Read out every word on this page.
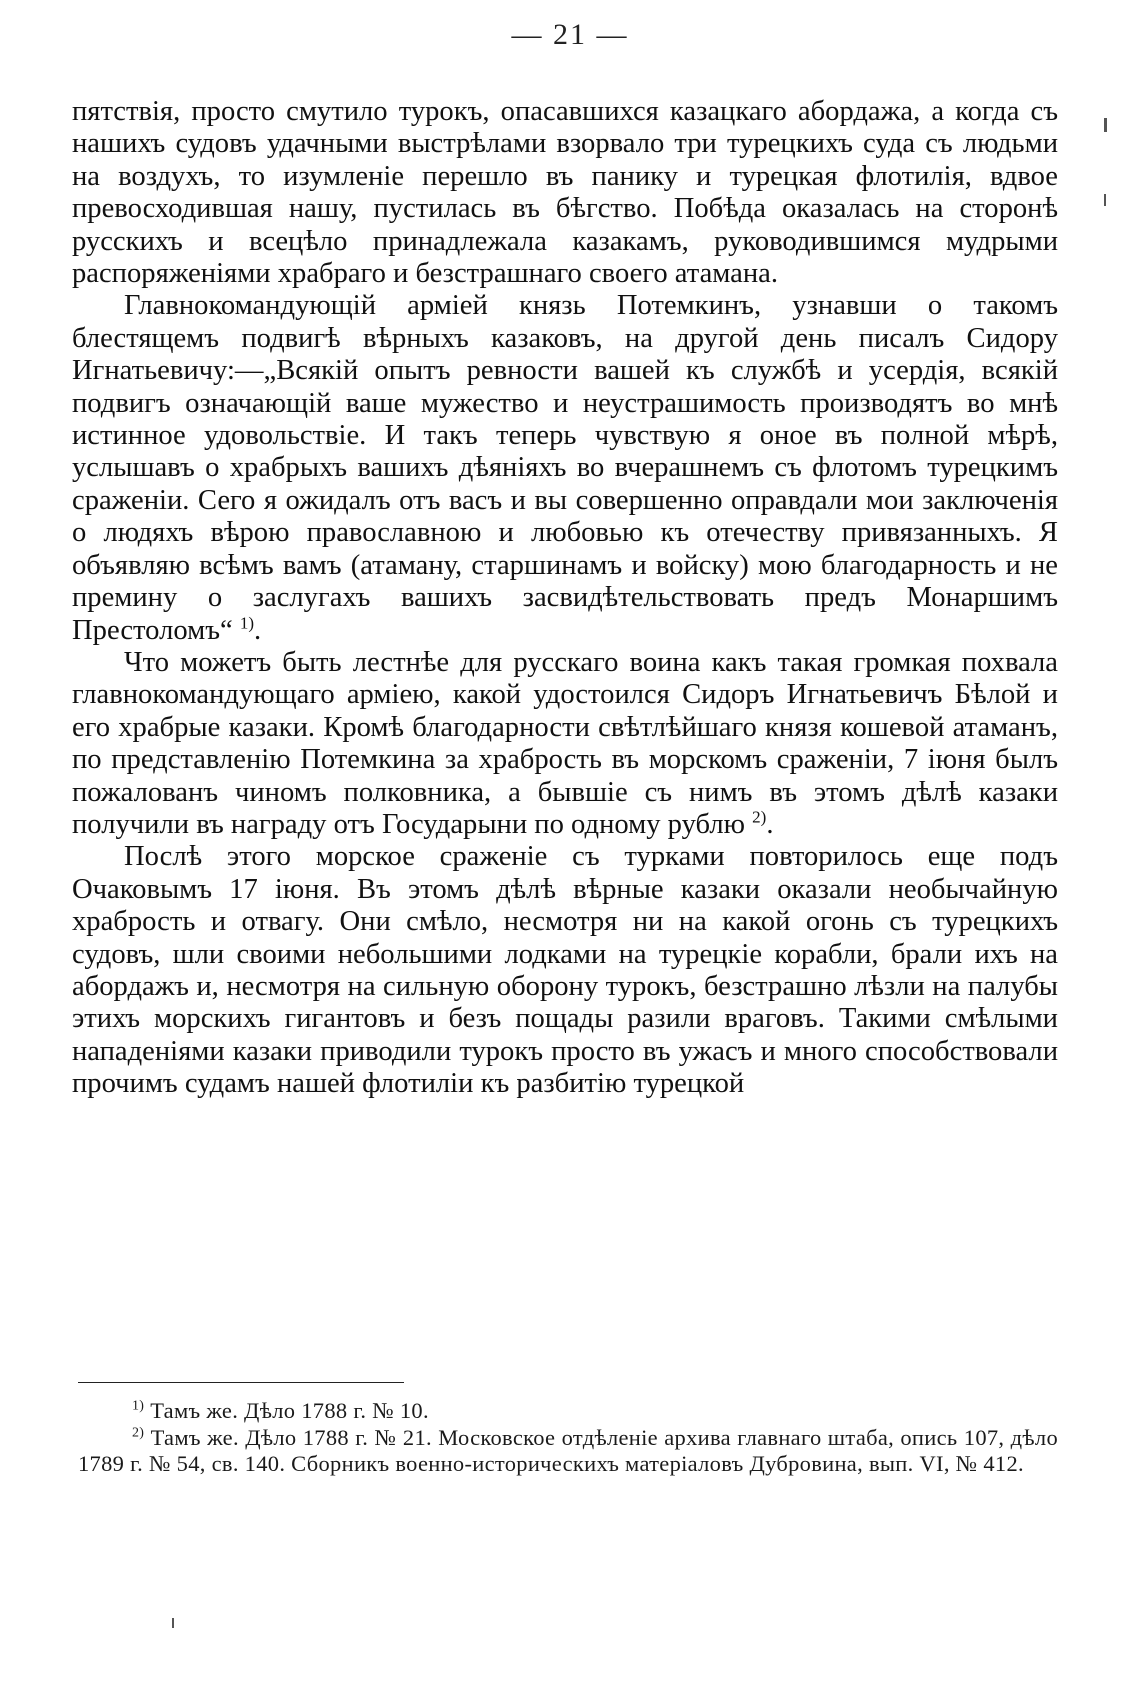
— 21 —

пятствія, просто смутило турокъ, опасавшихся казацкаго абордажа, а когда съ нашихъ судовъ удачными выстрѣлами взорвало три турецкихъ суда съ людьми на воздухъ, то изумленіе перешло въ панику и турецкая флотилія, вдвое превосходившая нашу, пустилась въ бѣгство. Побѣда оказалась на сторонѣ русскихъ и всецѣло принадлежала казакамъ, руководившимся мудрыми распоряженіями храбраго и безстрашнаго своего атамана.

Главнокомандующій арміей князь Потемкинъ, узнавши о такомъ блестящемъ подвигѣ вѣрныхъ казаковъ, на другой день писалъ Сидору Игнатьевичу:—„Всякій опытъ ревности вашей къ службѣ и усердія, всякій подвигъ означающій ваше мужество и неустрашимость производятъ во мнѣ истинное удовольствіе. И такъ теперь чувствую я оное въ полной мѣрѣ, услышавъ о храбрыхъ вашихъ дѣяніяхъ во вчерашнемъ съ флотомъ турецкимъ сраженіи. Сего я ожидалъ отъ васъ и вы совершенно оправдали мои заключенія о людяхъ вѣрою православною и любовью къ отечеству привязанныхъ. Я объявляю всѣмъ вамъ (атаману, старшинамъ и войску) мою благодарность и не премину о заслугахъ вашихъ засвидѣтельствовать предъ Монаршимъ Престоломъ“ $^{1)}$.

Что можетъ быть лестнѣе для русскаго воина какъ такая громкая похвала главнокомандующаго арміею, какой удостоился Сидоръ Игнатьевичъ Бѣлой и его храбрые казаки. Кромѣ благодарности свѣтлѣйшаго князя кошевой атаманъ, по представленію Потемкина за храбрость въ морскомъ сраженіи, 7 іюня былъ пожалованъ чиномъ полковника, а бывшіе съ нимъ въ этомъ дѣлѣ казаки получили въ награду отъ Государыни по одному рублю $^{2)}$.

Послѣ этого морское сраженіе съ турками повторилось еще подъ Очаковымъ 17 іюня. Въ этомъ дѣлѣ вѣрные казаки оказали необычайную храбрость и отвагу. Они смѣло, несмотря ни на какой огонь съ турецкихъ судовъ, шли своими небольшими лодками на турецкіе корабли, брали ихъ на абордажъ и, несмотря на сильную оборону турокъ, безстрашно лѣзли на палубы этихъ морскихъ гигантовъ и безъ пощады разили враговъ. Такими смѣлыми нападеніями казаки приводили турокъ просто въ ужасъ и много способствовали прочимъ судамъ нашей флотиліи къ разбитію турецкой

$^{1)}$ Тамъ же. Дѣло 1788 г. № 10.

$^{2)}$ Тамъ же. Дѣло 1788 г. № 21. Московское отдѣленіе архива главнаго штаба, опись 107, дѣло 1789 г. № 54, св. 140. Сборникъ военно-историческихъ матеріаловъ Дубровина, вып. VI, № 412.
